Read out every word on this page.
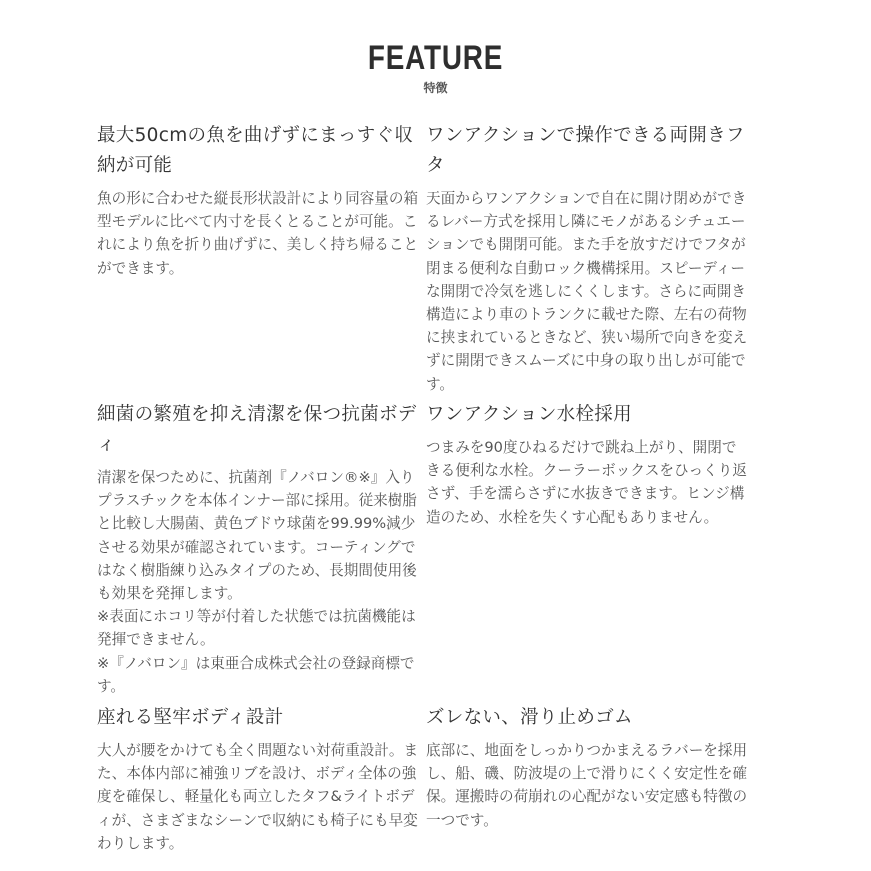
FEATURE
特徴
最大50cmの魚を曲げずにまっすぐ収納が可能

魚の形に合わせた縦長形状設計により同容量の箱型モデルに比べて内寸を長くとることが可能。これにより魚を折り曲げずに、美しく持ち帰ることができます。

ワンアクションで操作できる両開きフタ

天面からワンアクションで自在に開け閉めができるレバー方式を採用し隣にモノがあるシチュエーションでも開閉可能。また手を放すだけでフタが閉まる便利な自動ロック機構採用。スピーディーな開閉で冷気を逃しにくくします。さらに両開き構造により車のトランクに載せた際、左右の荷物に挟まれているときなど、狭い場所で向きを変えずに開閉できスムーズに中身の取り出しが可能です。

細菌の繁殖を抑え清潔を保つ抗菌ボディ

清潔を保つために、抗菌剤『ノバロン®※』入りプラスチックを本体インナー部に採用。従来樹脂と比較し大腸菌、黄色ブドウ球菌を99.99%減少させる効果が確認されています。コーティングではなく樹脂練り込みタイプのため、長期間使用後も効果を発揮します。
※表面にホコリ等が付着した状態では抗菌機能は発揮できません。
※『ノバロン』は東亜合成株式会社の登録商標です。

ワンアクション水栓採用

つまみを90度ひねるだけで跳ね上がり、開閉できる便利な水栓。クーラーボックスをひっくり返さず、手を濡らさずに水抜きできます。ヒンジ構造のため、水栓を失くす心配もありません。

座れる堅牢ボディ設計

大人が腰をかけても全く問題ない対荷重設計。また、本体内部に補強リブを設け、ボディ全体の強度を確保し、軽量化も両立したタフ&ライトボディが、さまざまなシーンで収納にも椅子にも早変わりします。

ズレない、滑り止めゴム

底部に、地面をしっかりつかまえるラバーを採用し、船、磯、防波堤の上で滑りにくく安定性を確保。運搬時の荷崩れの心配がない安定感も特徴の一つです。
